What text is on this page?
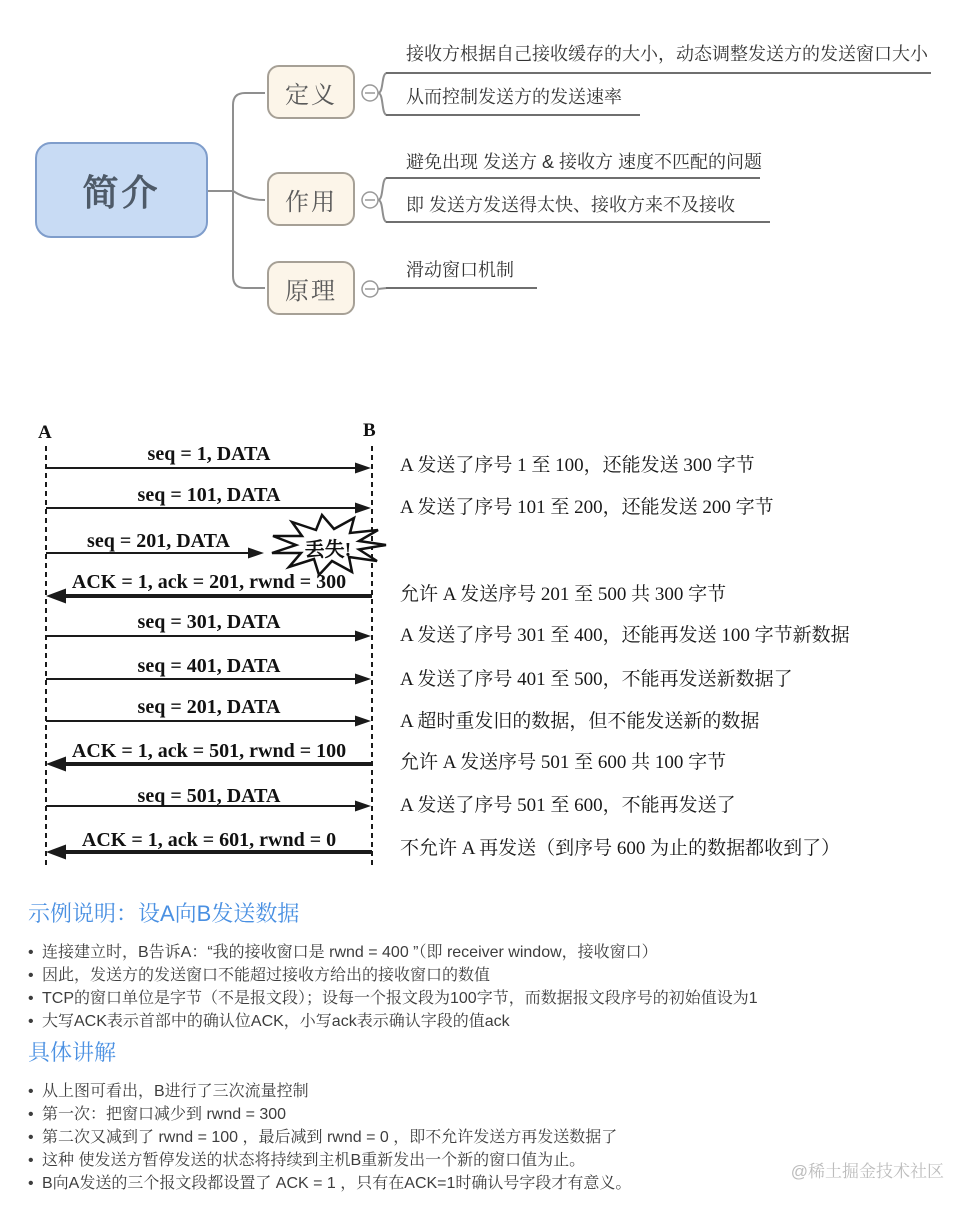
简介
定义
作用
原理
接收方根据自己接收缓存的大小，动态调整发送方的发送窗口大小
从而控制发送方的发送速率
避免出现 发送方 & 接收方 速度不匹配的问题
即 发送方发送得太快、接收方来不及接收
滑动窗口机制
A	B
seq = 1, DATA
seq = 101, DATA
seq = 201, DATA
ACK = 1, ack = 201, rwnd = 300
seq = 301, DATA
seq = 401, DATA
seq = 201, DATA
ACK = 1, ack = 501, rwnd = 100
seq = 501, DATA
ACK = 1, ack = 601, rwnd = 0
丢失!
A 发送了序号 1 至 100，还能发送 300 字节
A 发送了序号 101 至 200，还能发送 200 字节
允许 A 发送序号 201 至 500 共 300 字节
A 发送了序号 301 至 400，还能再发送 100 字节新数据
A 发送了序号 401 至 500，不能再发送新数据了
A 超时重发旧的数据，但不能发送新的数据
允许 A 发送序号 501 至 600 共 100 字节
A 发送了序号 501 至 600，不能再发送了
不允许 A 再发送（到序号 600 为止的数据都收到了）
示例说明：设A向B发送数据
• 连接建立时，B告诉A：“我的接收窗口是 rwnd = 400 ”（即 receiver window，接收窗口）
• 因此，发送方的发送窗口不能超过接收方给出的接收窗口的数值
• TCP的窗口单位是字节（不是报文段）；设每一个报文段为100字节，而数据报文段序号的初始值设为1
• 大写ACK表示首部中的确认位ACK，小写ack表示确认字段的值ack
具体讲解
• 从上图可看出，B进行了三次流量控制
• 第一次：把窗口减少到 rwnd = 300
• 第二次又减到了 rwnd = 100 ，最后减到 rwnd = 0 ，即不允许发送方再发送数据了
• 这种 使发送方暂停发送的状态将持续到主机B重新发出一个新的窗口值为止。
• B向A发送的三个报文段都设置了 ACK = 1 ，只有在ACK=1时确认号字段才有意义。
@稀土掘金技术社区
